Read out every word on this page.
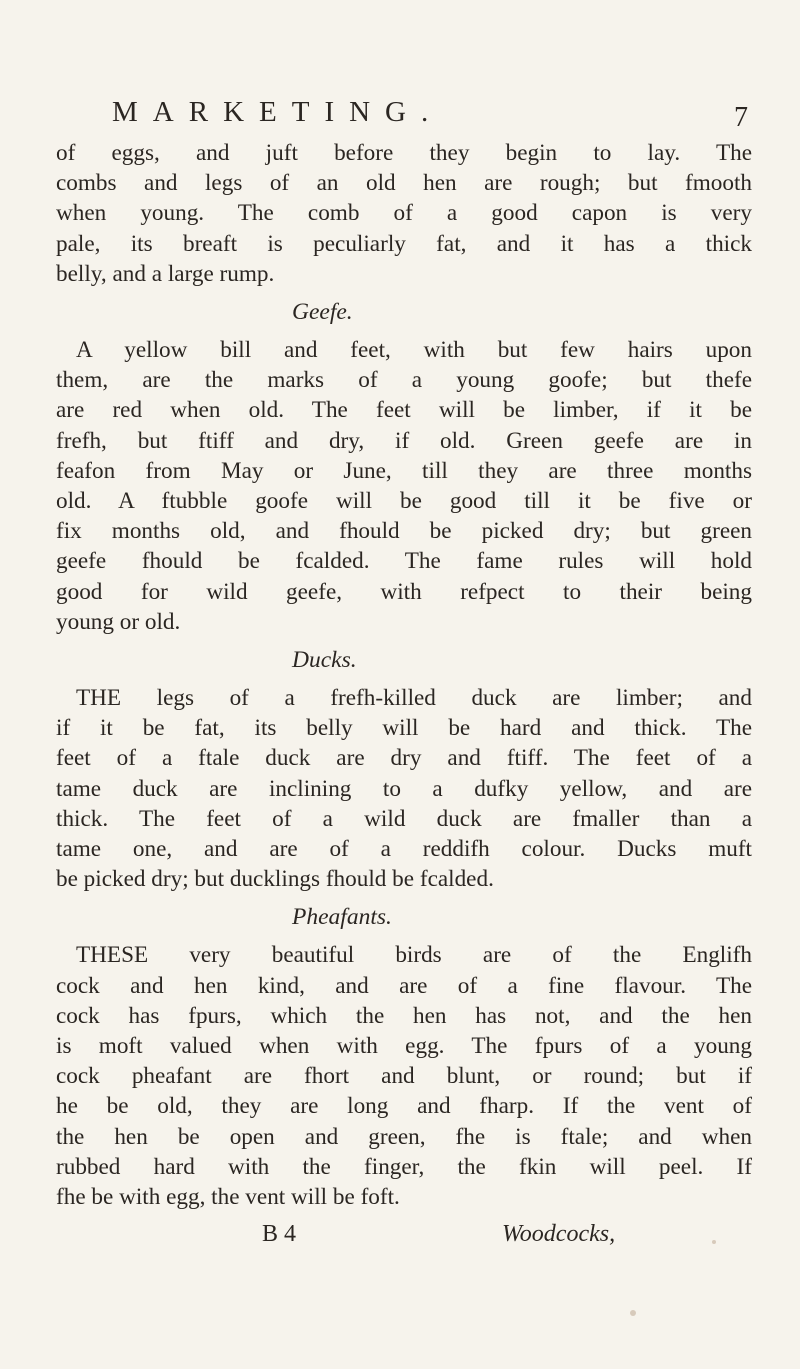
MARKETING.	7
of eggs, and juft before they begin to lay. The
combs and legs of an old hen are rough; but fmooth
when young. The comb of a good capon is very
pale, its breaft is peculiarly fat, and it has a thick
belly, and a large rump.
Geefe.
A yellow bill and feet, with but few hairs upon
them, are the marks of a young goofe; but thefe
are red when old. The feet will be limber, if it be
frefh, but ftiff and dry, if old. Green geefe are in
feafon from May or June, till they are three months
old. A ftubble goofe will be good till it be five or
fix months old, and fhould be picked dry; but green
geefe fhould be fcalded. The fame rules will hold
good for wild geefe, with refpect to their being
young or old.
Ducks.
THE legs of a frefh-killed duck are limber; and
if it be fat, its belly will be hard and thick. The
feet of a ftale duck are dry and ftiff. The feet of a
tame duck are inclining to a dufky yellow, and are
thick. The feet of a wild duck are fmaller than a
tame one, and are of a reddifh colour. Ducks muft
be picked dry; but ducklings fhould be fcalded.
Pheafants.
THESE very beautiful birds are of the Englifh
cock and hen kind, and are of a fine flavour. The
cock has fpurs, which the hen has not, and the hen
is moft valued when with egg. The fpurs of a young
cock pheafant are fhort and blunt, or round; but if
he be old, they are long and fharp. If the vent of
the hen be open and green, fhe is ftale; and when
rubbed hard with the finger, the fkin will peel. If
fhe be with egg, the vent will be foft.
B 4	Woodcocks,
